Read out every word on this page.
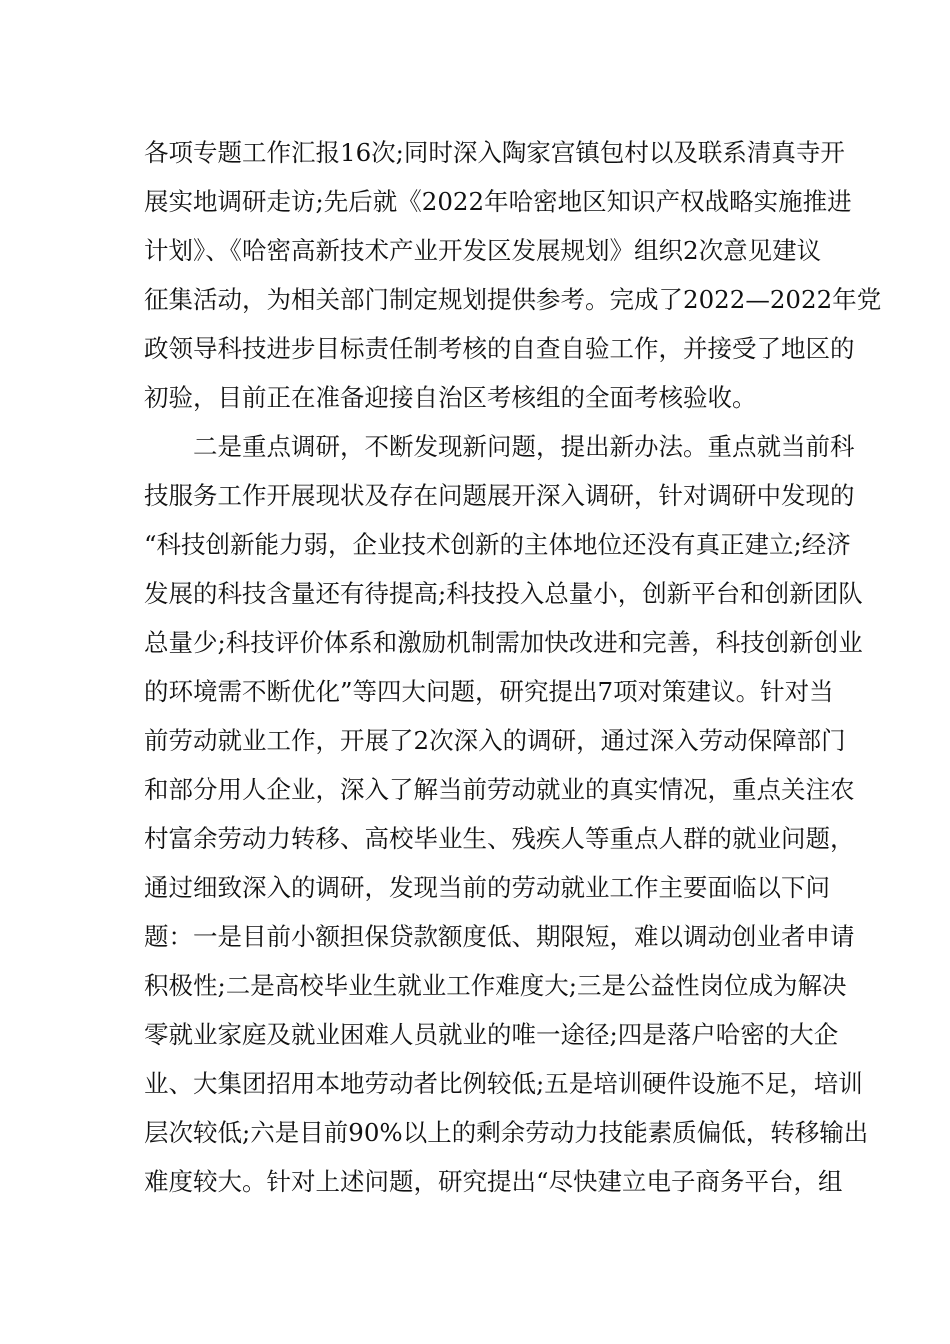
各项专题工作汇报16次;同时深入陶家宫镇包村以及联系清真寺开
展实地调研走访;先后就《2022年哈密地区知识产权战略实施推进
计划》、《哈密高新技术产业开发区发展规划》组织2次意见建议
征集活动，为相关部门制定规划提供参考。完成了2022—2022年党
政领导科技进步目标责任制考核的自查自验工作，并接受了地区的
初验，目前正在准备迎接自治区考核组的全面考核验收。
　　二是重点调研，不断发现新问题，提出新办法。重点就当前科
技服务工作开展现状及存在问题展开深入调研，针对调研中发现的
“科技创新能力弱，企业技术创新的主体地位还没有真正建立;经济
发展的科技含量还有待提高;科技投入总量小，创新平台和创新团队
总量少;科技评价体系和激励机制需加快改进和完善，科技创新创业
的环境需不断优化”等四大问题，研究提出7项对策建议。针对当
前劳动就业工作，开展了2次深入的调研，通过深入劳动保障部门
和部分用人企业，深入了解当前劳动就业的真实情况，重点关注农
村富余劳动力转移、高校毕业生、残疾人等重点人群的就业问题，
通过细致深入的调研，发现当前的劳动就业工作主要面临以下问
题：一是目前小额担保贷款额度低、期限短，难以调动创业者申请
积极性;二是高校毕业生就业工作难度大;三是公益性岗位成为解决
零就业家庭及就业困难人员就业的唯一途径;四是落户哈密的大企
业、大集团招用本地劳动者比例较低;五是培训硬件设施不足，培训
层次较低;六是目前90%以上的剩余劳动力技能素质偏低，转移输出
难度较大。针对上述问题，研究提出“尽快建立电子商务平台，组
